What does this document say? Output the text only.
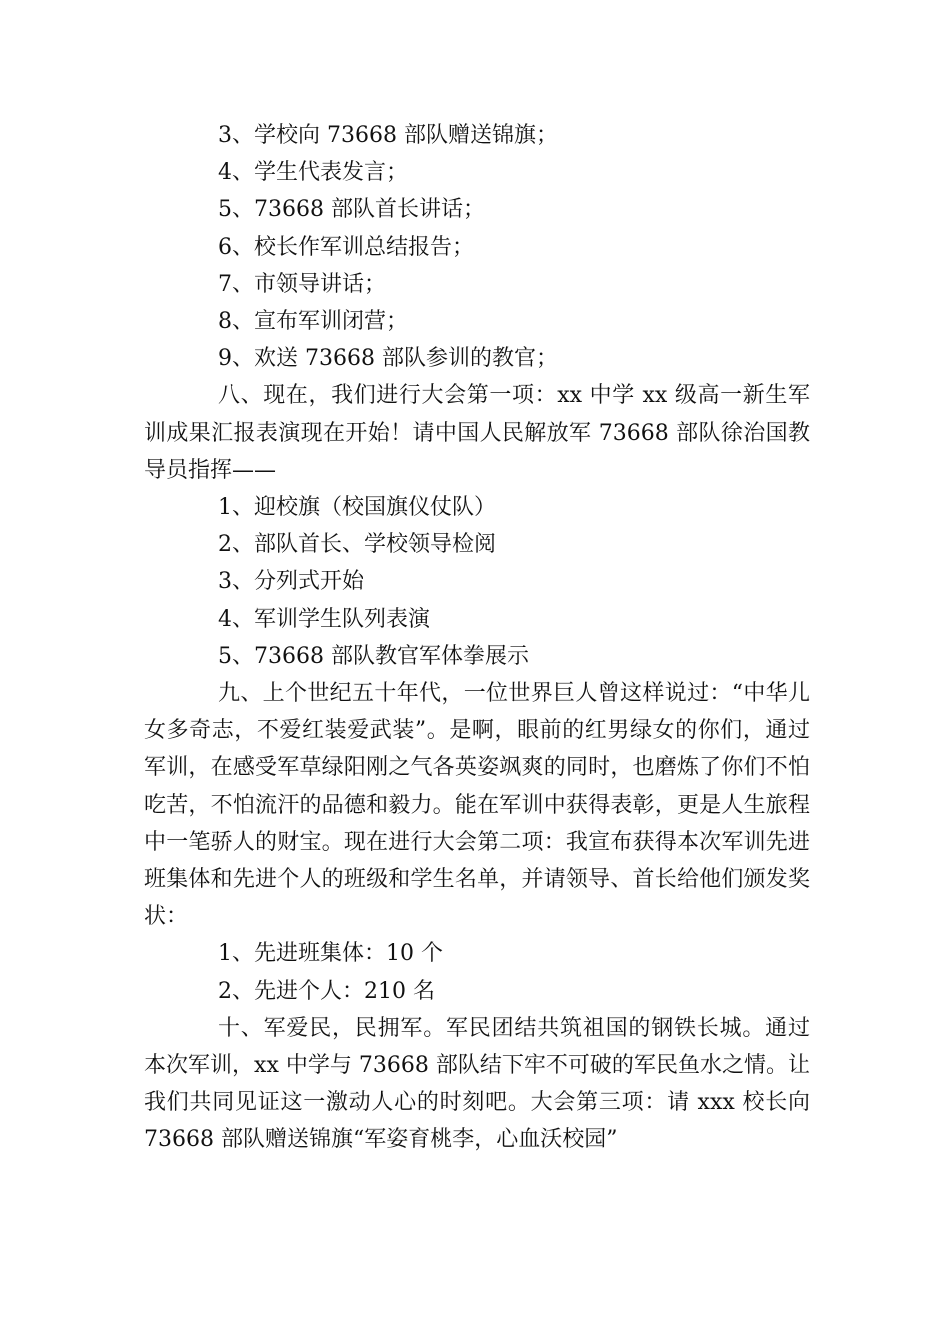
3、学校向 73668 部队赠送锦旗；
4、学生代表发言；
5、73668 部队首长讲话；
6、校长作军训总结报告；
7、市领导讲话；
8、宣布军训闭营；
9、欢送 73668 部队参训的教官；

八、现在，我们进行大会第一项：xx 中学 xx 级高一新生军训成果汇报表演现在开始！请中国人民解放军 73668 部队徐治国教导员指挥——

1、迎校旗（校国旗仪仗队）
2、部队首长、学校领导检阅
3、分列式开始
4、军训学生队列表演
5、73668 部队教官军体拳展示

九、上个世纪五十年代，一位世界巨人曾这样说过：“中华儿女多奇志，不爱红装爱武装”。是啊，眼前的红男绿女的你们，通过军训，在感受军草绿阳刚之气各英姿飒爽的同时，也磨炼了你们不怕吃苦，不怕流汗的品德和毅力。能在军训中获得表彰，更是人生旅程中一笔骄人的财宝。现在进行大会第二项：我宣布获得本次军训先进班集体和先进个人的班级和学生名单，并请领导、首长给他们颁发奖状：

1、先进班集体：10 个
2、先进个人：210 名

十、军爱民，民拥军。军民团结共筑祖国的钢铁长城。通过本次军训，xx 中学与 73668 部队结下牢不可破的军民鱼水之情。让我们共同见证这一激动人心的时刻吧。大会第三项：请 xxx 校长向 73668 部队赠送锦旗“军姿育桃李，心血沃校园”
